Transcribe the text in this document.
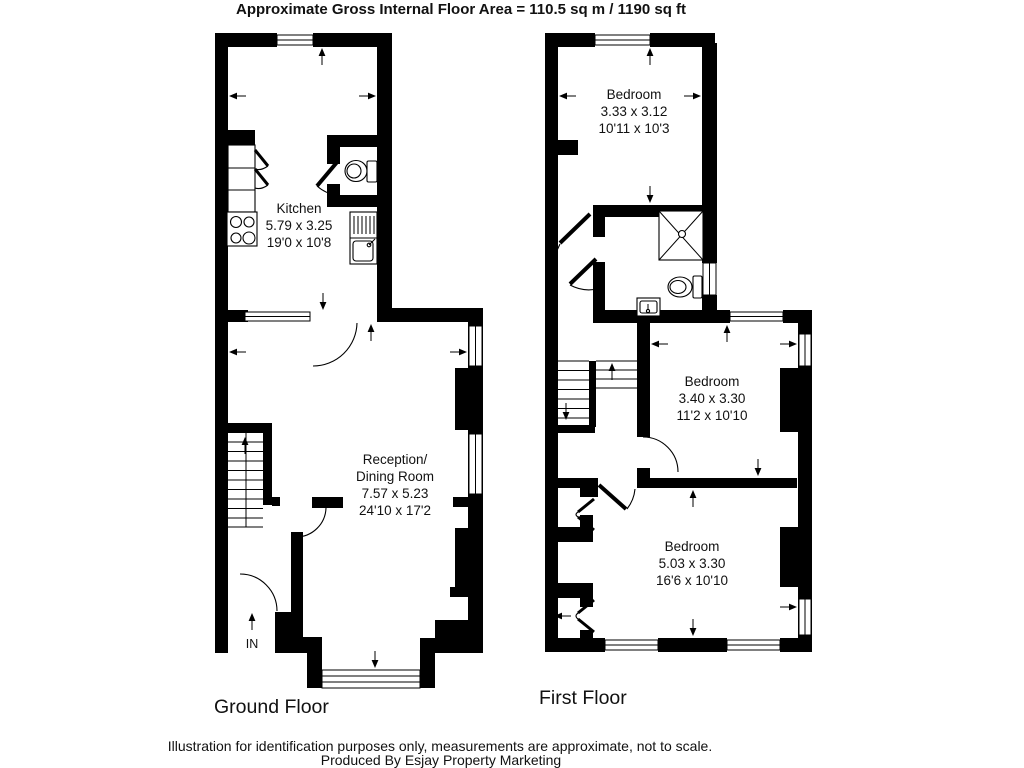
Approximate Gross Internal Floor Area = 110.5 sq m / 1190 sq ft
IN
Kitchen
5.79 x 3.25
19'0 x 10'8
Reception/
Dining Room
7.57 x 5.23
24'10 x 17'2
Ground Floor
Bedroom
3.33 x 3.12
10'11 x 10'3
Bedroom
3.40 x 3.30
11'2 x 10'10
Bedroom
5.03 x 3.30
16'6 x 10'10
First Floor
Illustration for identification purposes only, measurements are approximate, not to scale.
Produced By Esjay Property Marketing
